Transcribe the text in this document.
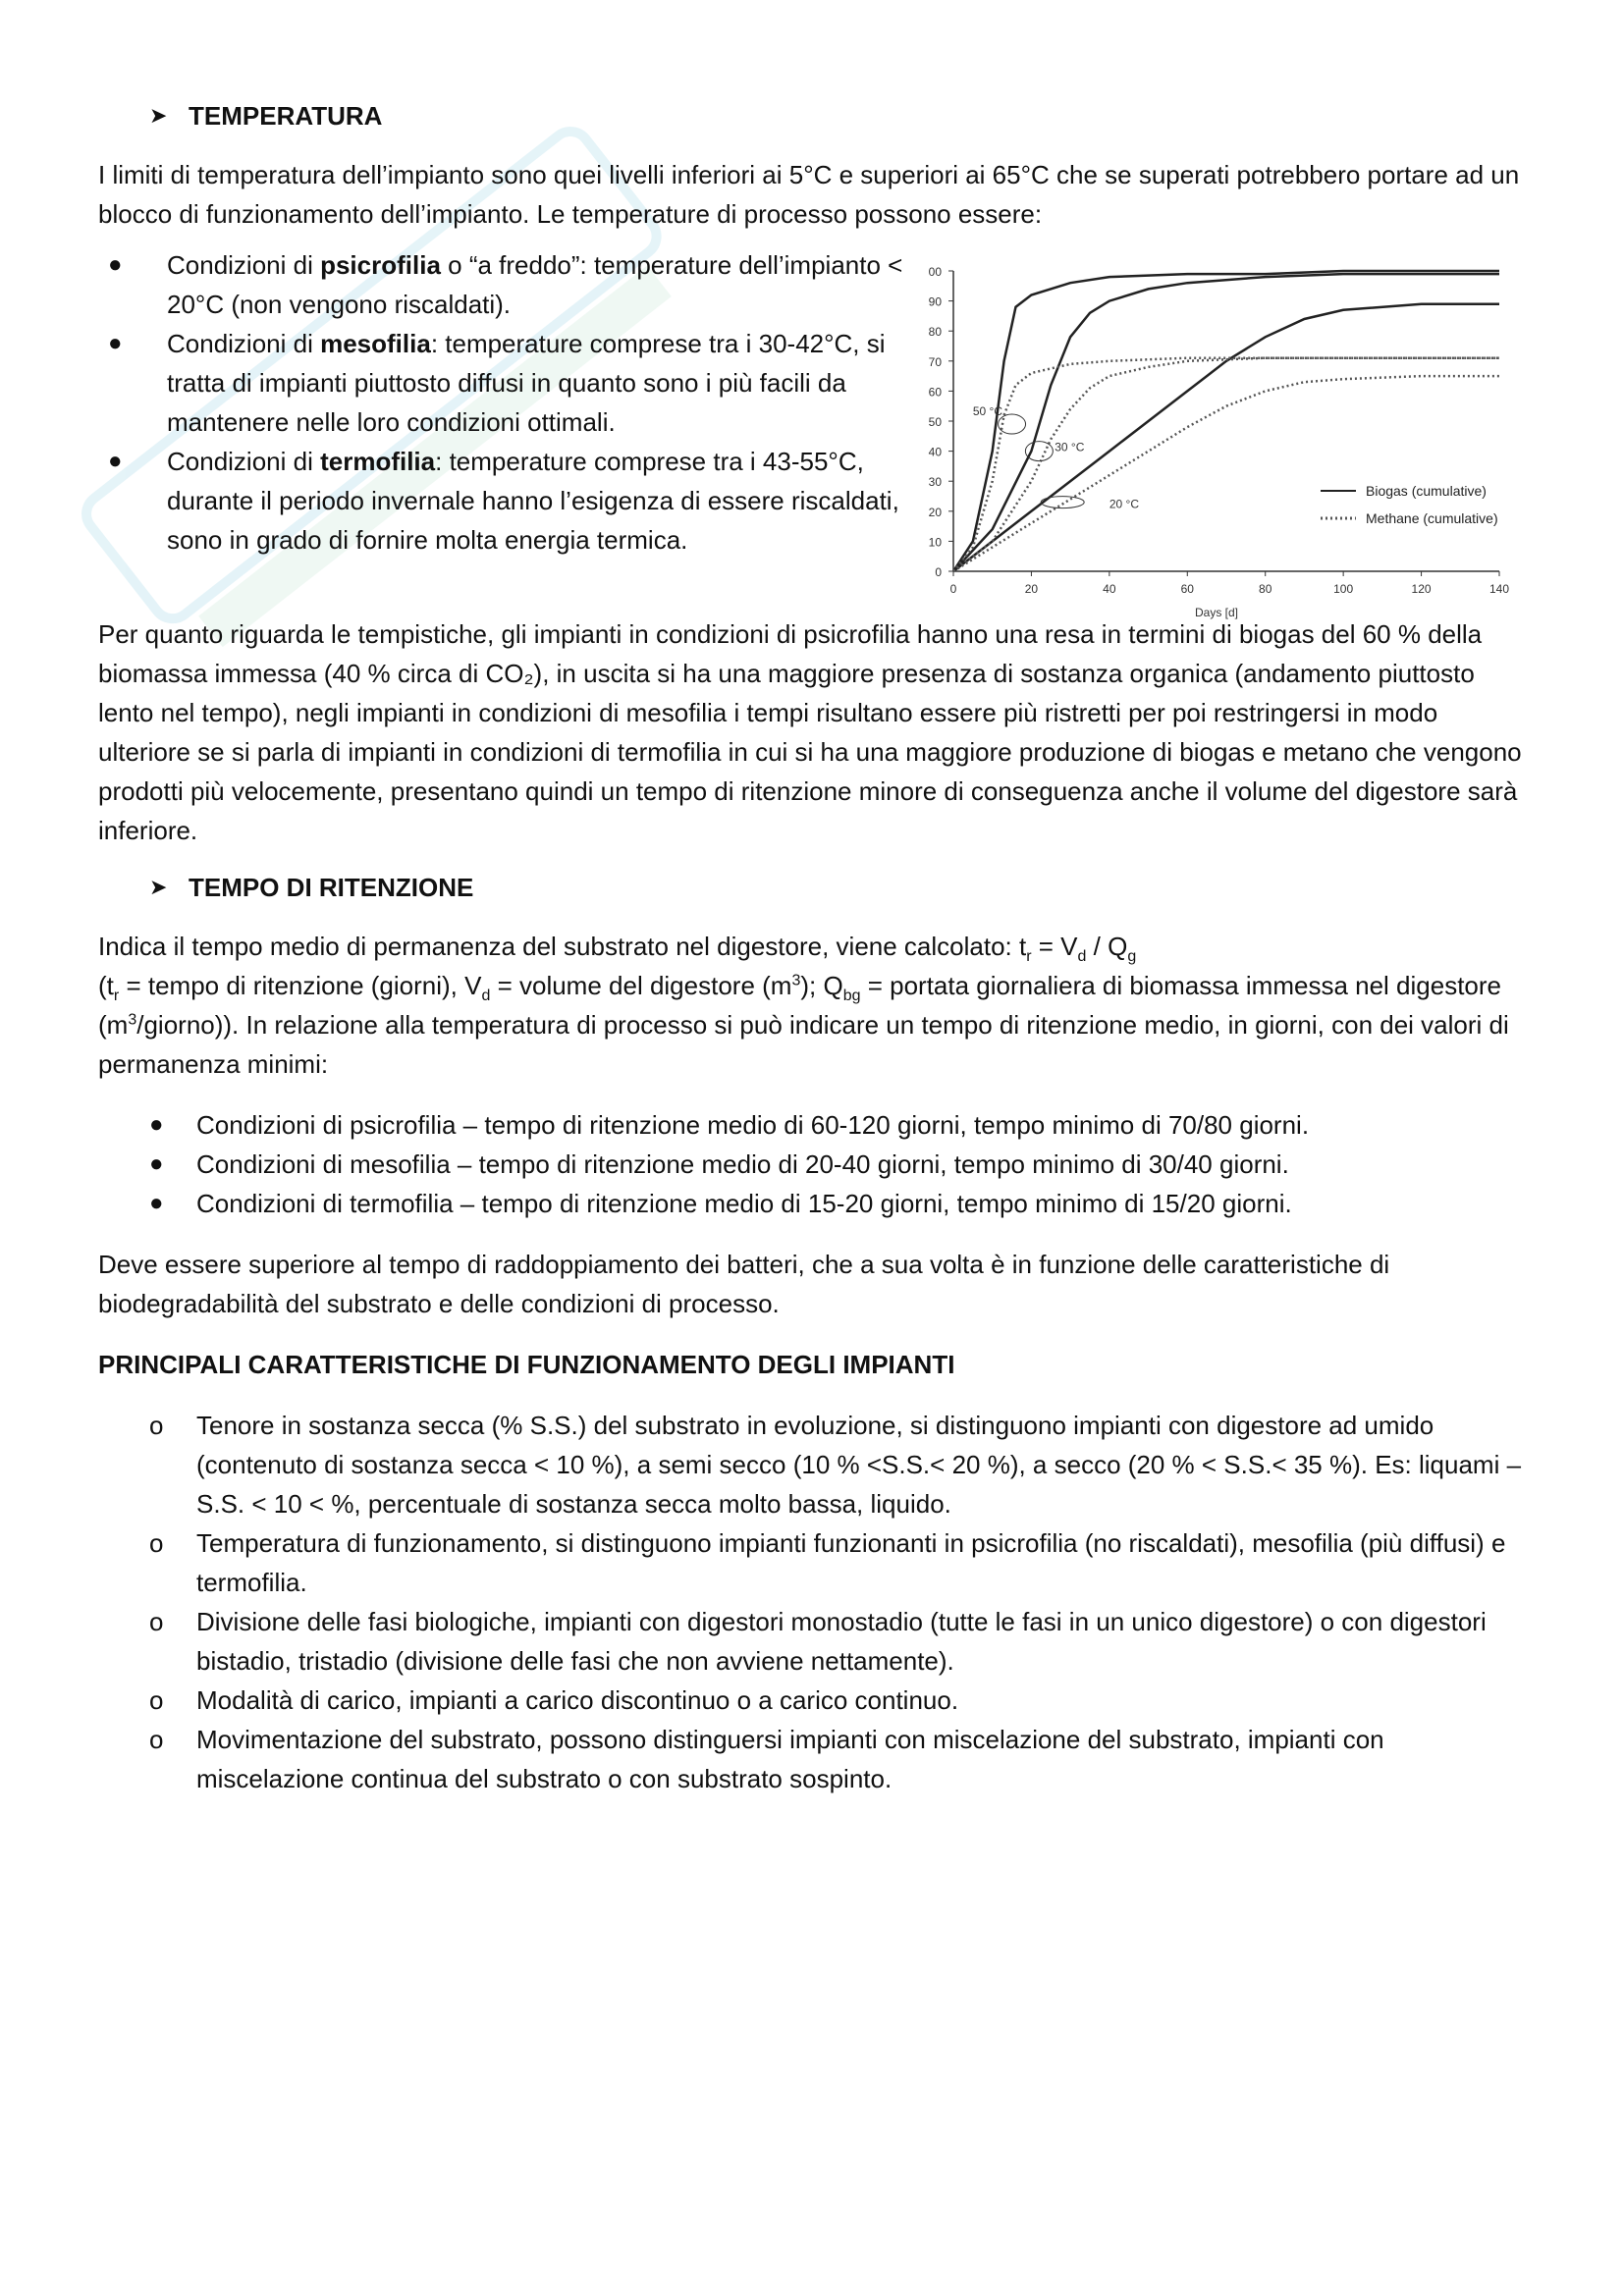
➤ TEMPERATURA

I limiti di temperatura dell’impianto sono quei livelli inferiori ai 5°C e superiori ai 65°C che se superati potrebbero portare ad un blocco di funzionamento dell’impianto. Le temperature di processo possono essere:

●	Condizioni di psicrofilia o “a freddo”: temperature dell’impianto < 20°C (non vengono riscaldati).
●	Condizioni di mesofilia: temperature comprese tra i 30-42°C, si tratta di impianti piuttosto diffusi in quanto sono i più facili da mantenere nelle loro condizioni ottimali.
●	Condizioni di termofilia: temperature comprese tra i 43-55°C, durante il periodo invernale hanno l’esigenza di essere riscaldati, sono in grado di fornire molta energia termica.

Per quanto riguarda le tempistiche, gli impianti in condizioni di psicrofilia hanno una resa in termini di biogas del 60 % della biomassa immessa (40 % circa di CO₂), in uscita si ha una maggiore presenza di sostanza organica (andamento piuttosto lento nel tempo), negli impianti in condizioni di mesofilia i tempi risultano essere più ristretti per poi restringersi in modo ulteriore se si parla di impianti in condizioni di termofilia in cui si ha una maggiore produzione di biogas e metano che vengono prodotti più velocemente, presentano quindi un tempo di ritenzione minore di conseguenza anche il volume del digestore sarà inferiore.

➤ TEMPO DI RITENZIONE

Indica il tempo medio di permanenza del substrato nel digestore, viene calcolato: $t_r = V_d / Q_g$
($t_r$ = tempo di ritenzione (giorni), $V_d$ = volume del digestore $(m^3)$; $Q_{bg}$ = portata giornaliera di biomassa immessa nel digestore $(m^3/giorno)$). In relazione alla temperatura di processo si può indicare un tempo di ritenzione medio, in giorni, con dei valori di permanenza minimi:

●	Condizioni di psicrofilia – tempo di ritenzione medio di 60-120 giorni, tempo minimo di 70/80 giorni.
●	Condizioni di mesofilia – tempo di ritenzione medio di 20-40 giorni, tempo minimo di 30/40 giorni.
●	Condizioni di termofilia – tempo di ritenzione medio di 15-20 giorni, tempo minimo di 15/20 giorni.

Deve essere superiore al tempo di raddoppiamento dei batteri, che a sua volta è in funzione delle caratteristiche di biodegradabilità del substrato e delle condizioni di processo.

PRINCIPALI CARATTERISTICHE DI FUNZIONAMENTO DEGLI IMPIANTI

o	Tenore in sostanza secca (% S.S.) del substrato in evoluzione, si distinguono impianti con digestore ad umido (contenuto di sostanza secca < 10 %), a semi secco (10 % <S.S.< 20 %), a secco (20 % < S.S.< 35 %). Es: liquami – S.S. < 10 < %, percentuale di sostanza secca molto bassa, liquido.
o	Temperatura di funzionamento, si distinguono impianti funzionanti in psicrofilia (no riscaldati), mesofilia (più diffusi) e termofilia.
o	Divisione delle fasi biologiche, impianti con digestori monostadio (tutte le fasi in un unico digestore) o con digestori bistadio, tristadio (divisione delle fasi che non avviene nettamente).
o	Modalità di carico, impianti a carico discontinuo o a carico continuo.
o	Movimentazione del substrato, possono distinguersi impianti con miscelazione del substrato, impianti con miscelazione continua del substrato o con substrato sospinto.
0
10
20
30
40
50
60
70
80
90
00
0	20	40	60	80	100	120	140
Days [d]
50 °C
30 °C
20 °C
Biogas (cumulative)
Methane (cumulative)
